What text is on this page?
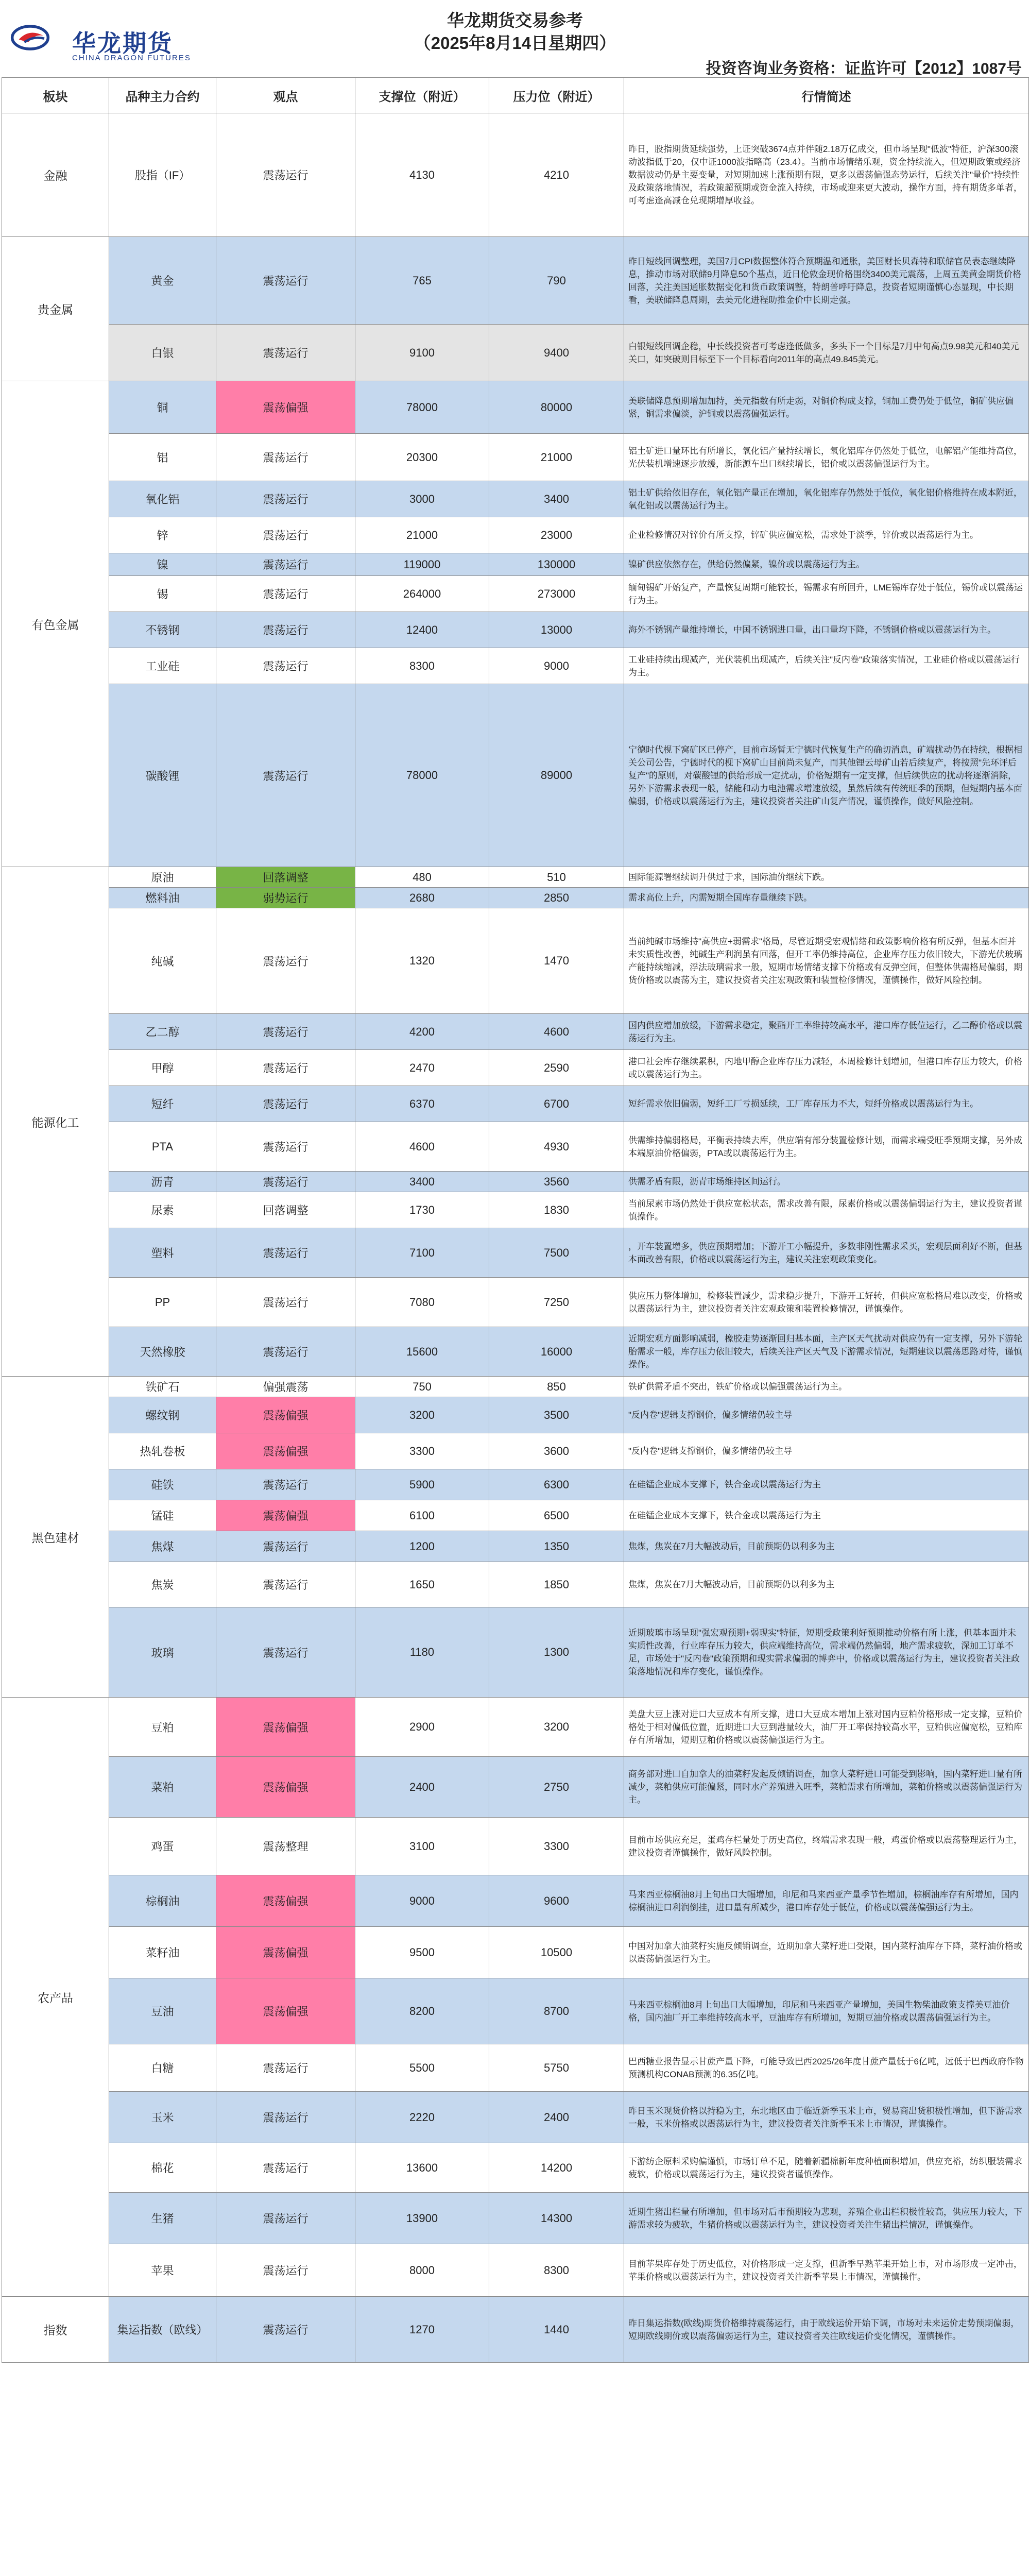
华龙期货
CHINA DRAGON FUTURES
华龙期货交易参考
（2025年8月14日星期四）
投资咨询业务资格：证监许可【2012】1087号
板块	品种主力合约	观点	支撑位（附近）	压力位（附近）	行情简述
金融	股指（IF）	震荡运行	4130	4210	昨日，股指期货延续强势，上证突破3674点并伴随2.18万亿成交，但市场呈现"低波"特征，沪深300滚动波指低于20，仅中证1000波指略高（23.4）。当前市场情绪乐观，资金持续流入，但短期政策或经济数据波动仍是主要变量，对短期加速上涨预期有限，更多以震荡偏强态势运行，后续关注"量价"持续性及政策落地情况，若政策超预期或资金流入持续，市场或迎来更大波动，操作方面，持有期货多单者，可考虑逢高减仓兑现期增厚收益。
贵金属	黄金	震荡运行	765	790	昨日短线回调整理，美国7月CPI数据整体符合预期温和通胀，美国财长贝森特和联储官员表态继续降息，推动市场对联储9月降息50个基点，近日伦敦金现价格围绕3400美元震荡，上周五美黄金期货价格回落，关注美国通胀数据变化和货币政策调整，特朗普呼吁降息，投资者短期谨慎心态显现，中长期看，美联储降息周期，去美元化进程助推金价中长期走强。
	白银	震荡运行	9100	9400	白银短线回调企稳，中长线投资者可考虑逢低做多，多头下一个目标是7月中旬高点9.98美元和40美元关口，如突破则目标至下一个目标看向2011年的高点49.845美元。
有色金属	铜	震荡偏强	78000	80000	美联储降息预期增加加持，美元指数有所走弱，对铜价构成支撑，铜加工费仍处于低位，铜矿供应偏紧，铜需求偏淡，沪铜或以震荡偏强运行。
	铝	震荡运行	20300	21000	铝土矿进口量环比有所增长，氧化铝产量持续增长，氧化铝库存仍然处于低位，电解铝产能维持高位，光伏装机增速逐步放缓，新能源车出口继续增长，铝价或以震荡偏强运行为主。
	氧化铝	震荡运行	3000	3400	铝土矿供给依旧存在，氧化铝产量正在增加，氧化铝库存仍然处于低位，氧化铝价格维持在成本附近，氧化铝或以震荡运行为主。
	锌	震荡运行	21000	23000	企业检修情况对锌价有所支撑，锌矿供应偏宽松，需求处于淡季，锌价或以震荡运行为主。
	镍	震荡运行	119000	130000	镍矿供应依然存在，供给仍然偏紧，镍价或以震荡运行为主。
	锡	震荡运行	264000	273000	缅甸锡矿开始复产，产量恢复周期可能较长，锡需求有所回升，LME锡库存处于低位，锡价或以震荡运行为主。
	不锈钢	震荡运行	12400	13000	海外不锈钢产量维持增长，中国不锈钢进口量，出口量均下降，不锈钢价格或以震荡运行为主。
	工业硅	震荡运行	8300	9000	工业硅持续出现减产，光伏装机出现减产，后续关注"反内卷"政策落实情况，工业硅价格或以震荡运行为主。
	碳酸锂	震荡运行	78000	89000	宁德时代枧下窝矿区已停产，目前市场暂无宁德时代恢复生产的确切消息，矿端扰动仍在持续，根据相关公司公告，宁德时代的枧下窝矿山目前尚未复产，而其他锂云母矿山若后续复产，将按照"先环评后复产"的原则，对碳酸锂的供给形成一定扰动，价格短期有一定支撑，但后续供应的扰动将逐渐消除，另外下游需求表现一般，储能和动力电池需求增速放缓，虽然后续有传统旺季的预期，但短期内基本面偏弱，价格或以震荡运行为主，建议投资者关注矿山复产情况，谨慎操作，做好风险控制。
能源化工	原油	回落调整	480	510	国际能源署继续调升供过于求，国际油价继续下跌。
	燃料油	弱势运行	2680	2850	需求高位上升，内需短期全国库存量继续下跌。
	纯碱	震荡运行	1320	1470	当前纯碱市场维持"高供应+弱需求"格局，尽管近期受宏观情绪和政策影响价格有所反弹，但基本面并未实质性改善，纯碱生产利润虽有回落，但开工率仍维持高位，企业库存压力依旧较大，下游光伏玻璃产能持续缩减，浮法玻璃需求一般，短期市场情绪支撑下价格或有反弹空间，但整体供需格局偏弱，期货价格或以震荡为主，建议投资者关注宏观政策和装置检修情况，谨慎操作，做好风险控制。
	乙二醇	震荡运行	4200	4600	国内供应增加放缓，下游需求稳定，聚酯开工率维持较高水平，港口库存低位运行，乙二醇价格或以震荡运行为主。
	甲醇	震荡运行	2470	2590	港口社会库存继续累积，内地甲醇企业库存压力减轻，本周检修计划增加，但港口库存压力较大，价格或以震荡运行为主。
	短纤	震荡运行	6370	6700	短纤需求依旧偏弱，短纤工厂亏损延续，工厂库存压力不大，短纤价格或以震荡运行为主。
	PTA	震荡运行	4600	4930	供需维持偏弱格局，平衡表持续去库，供应端有部分装置检修计划，而需求端受旺季预期支撑，另外成本端原油价格偏弱，PTA或以震荡运行为主。
	沥青	震荡运行	3400	3560	供需矛盾有限，沥青市场维持区间运行。
	尿素	回落调整	1730	1830	当前尿素市场仍然处于供应宽松状态，需求改善有限，尿素价格或以震荡偏弱运行为主，建议投资者谨慎操作。
	塑料	震荡运行	7100	7500	，开车装置增多，供应预期增加；下游开工小幅提升，多数非刚性需求采买，宏观层面利好不断，但基本面改善有限，价格或以震荡运行为主，建议关注宏观政策变化。
	PP	震荡运行	7080	7250	供应压力整体增加，检修装置减少，需求稳步提升，下游开工好转，但供应宽松格局难以改变，价格或以震荡运行为主，建议投资者关注宏观政策和装置检修情况，谨慎操作。
	天然橡胶	震荡运行	15600	16000	近期宏观方面影响减弱，橡胶走势逐渐回归基本面，主产区天气扰动对供应仍有一定支撑，另外下游轮胎需求一般，库存压力依旧较大，后续关注产区天气及下游需求情况，短期建议以震荡思路对待，谨慎操作。
黑色建材	铁矿石	偏强震荡	750	850	铁矿供需矛盾不突出，铁矿价格或以偏强震荡运行为主。
	螺纹钢	震荡偏强	3200	3500	"反内卷"逻辑支撑钢价，偏多情绪仍较主导
	热轧卷板	震荡偏强	3300	3600	"反内卷"逻辑支撑钢价，偏多情绪仍较主导
	硅铁	震荡运行	5900	6300	在硅锰企业成本支撑下，铁合金或以震荡运行为主
	锰硅	震荡偏强	6100	6500	在硅锰企业成本支撑下，铁合金或以震荡运行为主
	焦煤	震荡运行	1200	1350	焦煤，焦炭在7月大幅波动后，目前预期仍以利多为主
	焦炭	震荡运行	1650	1850	焦煤，焦炭在7月大幅波动后，目前预期仍以利多为主
	玻璃	震荡运行	1180	1300	近期玻璃市场呈现"强宏观预期+弱现实"特征，短期受政策利好预期推动价格有所上涨，但基本面并未实质性改善，行业库存压力较大，供应端维持高位，需求端仍然偏弱，地产需求疲软，深加工订单不足，市场处于"反内卷"政策预期和现实需求偏弱的博弈中，价格或以震荡运行为主，建议投资者关注政策落地情况和库存变化，谨慎操作。
农产品	豆粕	震荡偏强	2900	3200	美盘大豆上涨对进口大豆成本有所支撑，进口大豆成本增加上涨对国内豆粕价格形成一定支撑，豆粕价格处于相对偏低位置，近期进口大豆到港量较大，油厂开工率保持较高水平，豆粕供应偏宽松，豆粕库存有所增加，短期豆粕价格或以震荡偏强运行为主。
	菜粕	震荡偏强	2400	2750	商务部对进口自加拿大的油菜籽发起反倾销调查，加拿大菜籽进口可能受到影响，国内菜籽进口量有所减少，菜粕供应可能偏紧，同时水产养殖进入旺季，菜粕需求有所增加，菜粕价格或以震荡偏强运行为主。
	鸡蛋	震荡整理	3100	3300	目前市场供应充足，蛋鸡存栏量处于历史高位，终端需求表现一般，鸡蛋价格或以震荡整理运行为主，建议投资者谨慎操作，做好风险控制。
	棕榈油	震荡偏强	9000	9600	马来西亚棕榈油8月上旬出口大幅增加，印尼和马来西亚产量季节性增加，棕榈油库存有所增加，国内棕榈油进口利润倒挂，进口量有所减少，港口库存处于低位，价格或以震荡偏强运行为主。
	菜籽油	震荡偏强	9500	10500	中国对加拿大油菜籽实施反倾销调查，近期加拿大菜籽进口受限，国内菜籽油库存下降，菜籽油价格或以震荡偏强运行为主。
	豆油	震荡偏强	8200	8700	马来西亚棕榈油8月上旬出口大幅增加，印尼和马来西亚产量增加，美国生物柴油政策支撑美豆油价格，国内油厂开工率维持较高水平，豆油库存有所增加，短期豆油价格或以震荡偏强运行为主。
	白糖	震荡运行	5500	5750	巴西糖业报告显示甘蔗产量下降，可能导致巴西2025/26年度甘蔗产量低于6亿吨，远低于巴西政府作物预测机构CONAB预测的6.35亿吨。
	玉米	震荡运行	2220	2400	昨日玉米现货价格以持稳为主，东北地区由于临近新季玉米上市，贸易商出货积极性增加，但下游需求一般，玉米价格或以震荡运行为主，建议投资者关注新季玉米上市情况，谨慎操作。
	棉花	震荡运行	13600	14200	下游纺企原料采购偏谨慎，市场订单不足，随着新疆棉新年度种植面积增加，供应充裕，纺织服装需求疲软，价格或以震荡运行为主，建议投资者谨慎操作。
	生猪	震荡运行	13900	14300	近期生猪出栏量有所增加，但市场对后市预期较为悲观，养殖企业出栏积极性较高，供应压力较大，下游需求较为疲软，生猪价格或以震荡运行为主，建议投资者关注生猪出栏情况，谨慎操作。
	苹果	震荡运行	8000	8300	目前苹果库存处于历史低位，对价格形成一定支撑，但新季早熟苹果开始上市，对市场形成一定冲击，苹果价格或以震荡运行为主，建议投资者关注新季苹果上市情况，谨慎操作。
指数	集运指数（欧线）	震荡运行	1270	1440	昨日集运指数(欧线)期货价格维持震荡运行，由于欧线运价开始下调，市场对未来运价走势预期偏弱，短期欧线期价或以震荡偏弱运行为主，建议投资者关注欧线运价变化情况，谨慎操作。
